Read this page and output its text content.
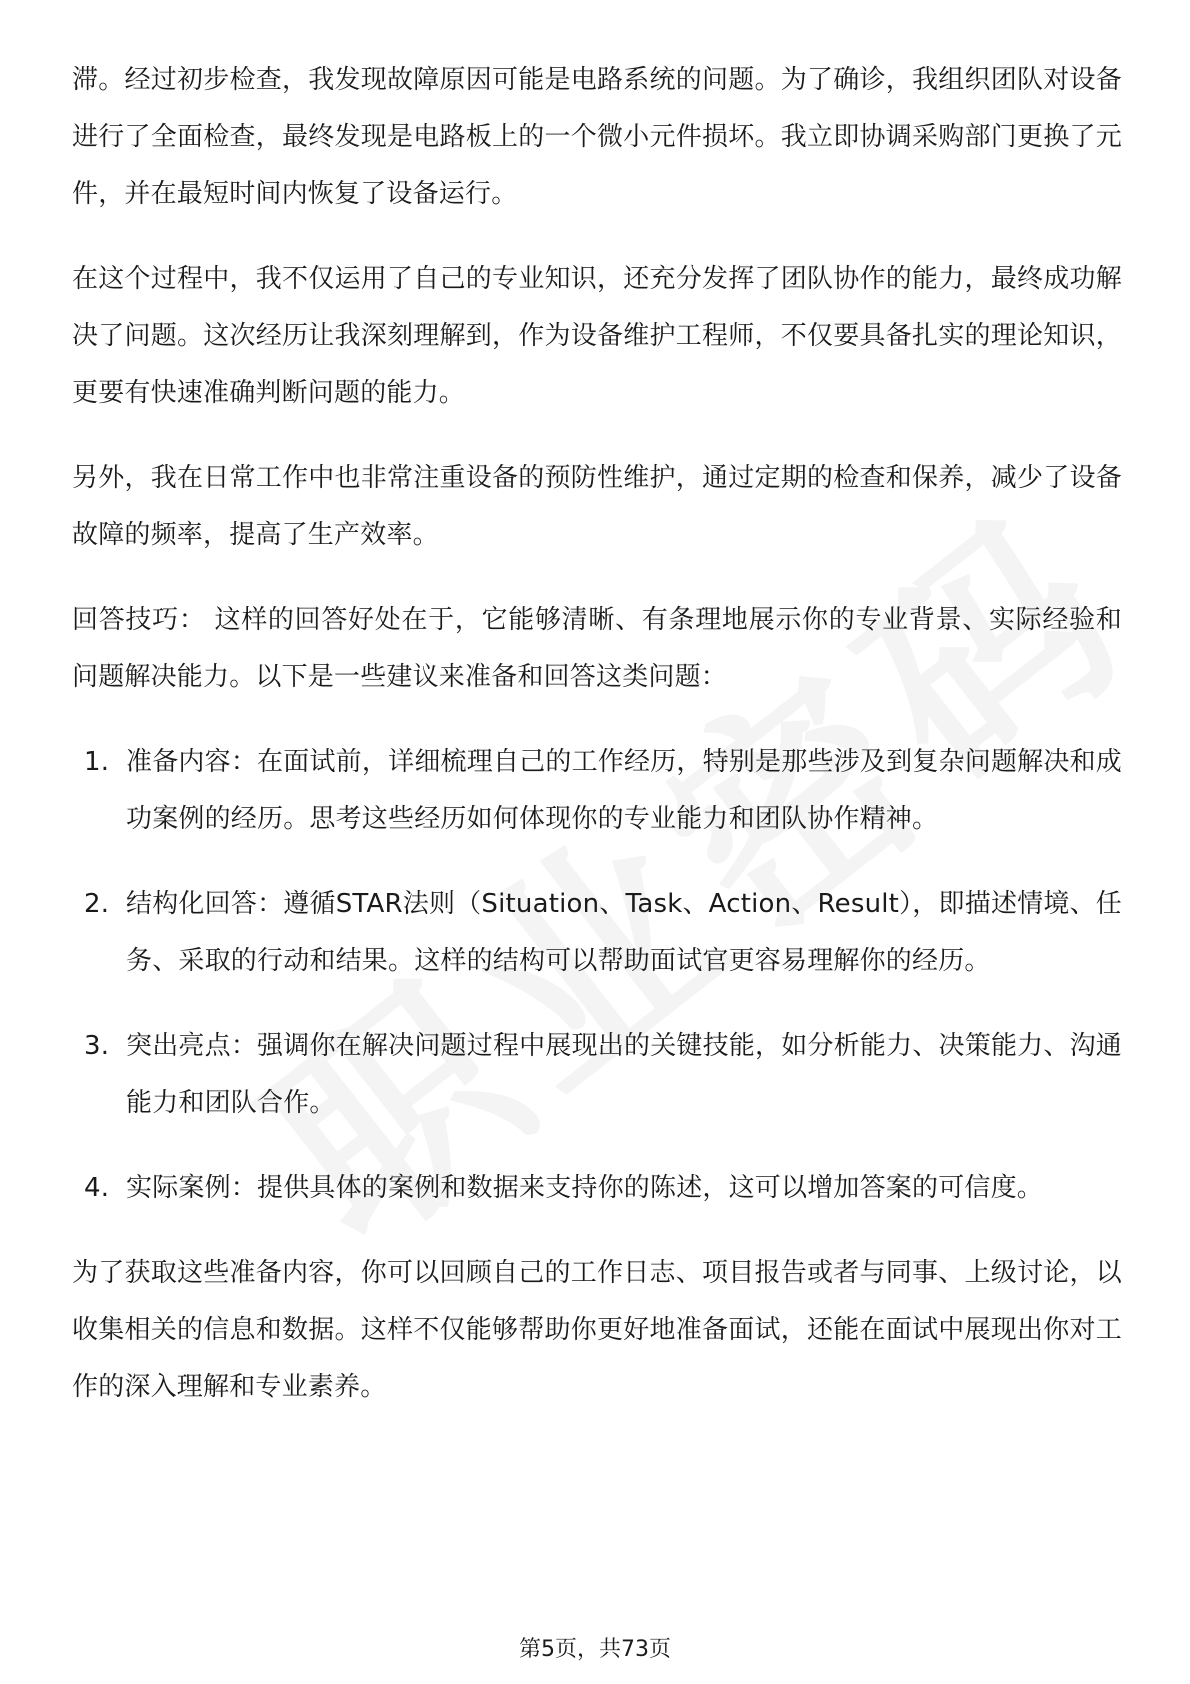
滞。经过初步检查，我发现故障原因可能是电路系统的问题。为了确诊，我组织团队对设备进行了全面检查，最终发现是电路板上的一个微小元件损坏。我立即协调采购部门更换了元件，并在最短时间内恢复了设备运行。

在这个过程中，我不仅运用了自己的专业知识，还充分发挥了团队协作的能力，最终成功解决了问题。这次经历让我深刻理解到，作为设备维护工程师，不仅要具备扎实的理论知识，更要有快速准确判断问题的能力。

另外，我在日常工作中也非常注重设备的预防性维护，通过定期的检查和保养，减少了设备故障的频率，提高了生产效率。

回答技巧： 这样的回答好处在于，它能够清晰、有条理地展示你的专业背景、实际经验和问题解决能力。以下是一些建议来准备和回答这类问题：

1. 准备内容：在面试前，详细梳理自己的工作经历，特别是那些涉及到复杂问题解决和成功案例的经历。思考这些经历如何体现你的专业能力和团队协作精神。
2. 结构化回答：遵循STAR法则（Situation、Task、Action、Result），即描述情境、任务、采取的行动和结果。这样的结构可以帮助面试官更容易理解你的经历。
3. 突出亮点：强调你在解决问题过程中展现出的关键技能，如分析能力、决策能力、沟通能力和团队合作。
4. 实际案例：提供具体的案例和数据来支持你的陈述，这可以增加答案的可信度。

为了获取这些准备内容，你可以回顾自己的工作日志、项目报告或者与同事、上级讨论，以收集相关的信息和数据。这样不仅能够帮助你更好地准备面试，还能在面试中展现出你对工作的深入理解和专业素养。

第5页，共73页
